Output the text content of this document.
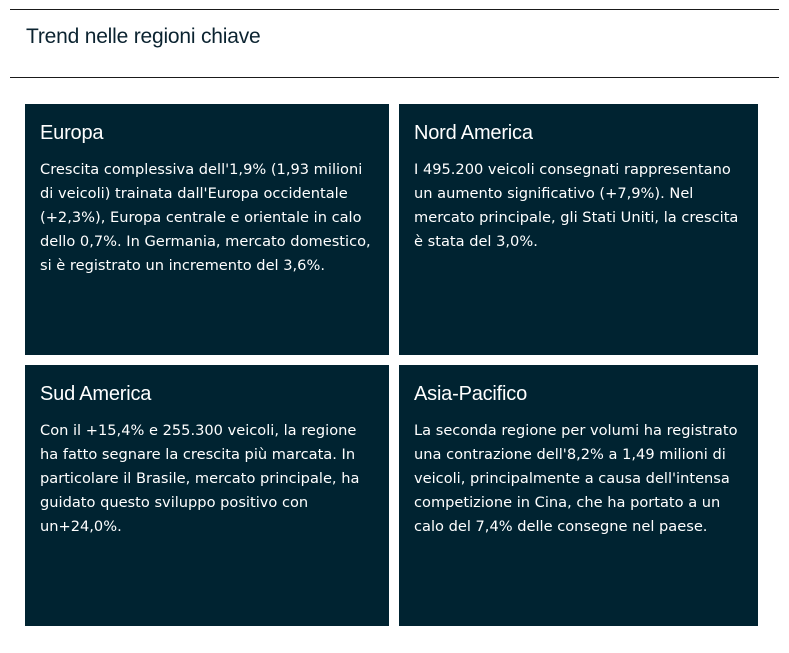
Trend nelle regioni chiave
Europa

Crescita complessiva dell'1,9% (1,93 milioni di veicoli) trainata dall'Europa occidentale (+2,3%), Europa centrale e orientale in calo dello 0,7%. In Germania, mercato domestico, si è registrato un incremento del 3,6%.

Nord America

I 495.200 veicoli consegnati rappresentano un aumento significativo (+7,9%). Nel mercato principale, gli Stati Uniti, la crescita è stata del 3,0%.

Sud America

Con il +15,4% e 255.300 veicoli, la regione ha fatto segnare la crescita più marcata. In particolare il Brasile, mercato principale, ha guidato questo sviluppo positivo con un+24,0%.

Asia-Pacifico

La seconda regione per volumi ha registrato una contrazione dell'8,2% a 1,49 milioni di veicoli, principalmente a causa dell'intensa competizione in Cina, che ha portato a un calo del 7,4% delle consegne nel paese.
